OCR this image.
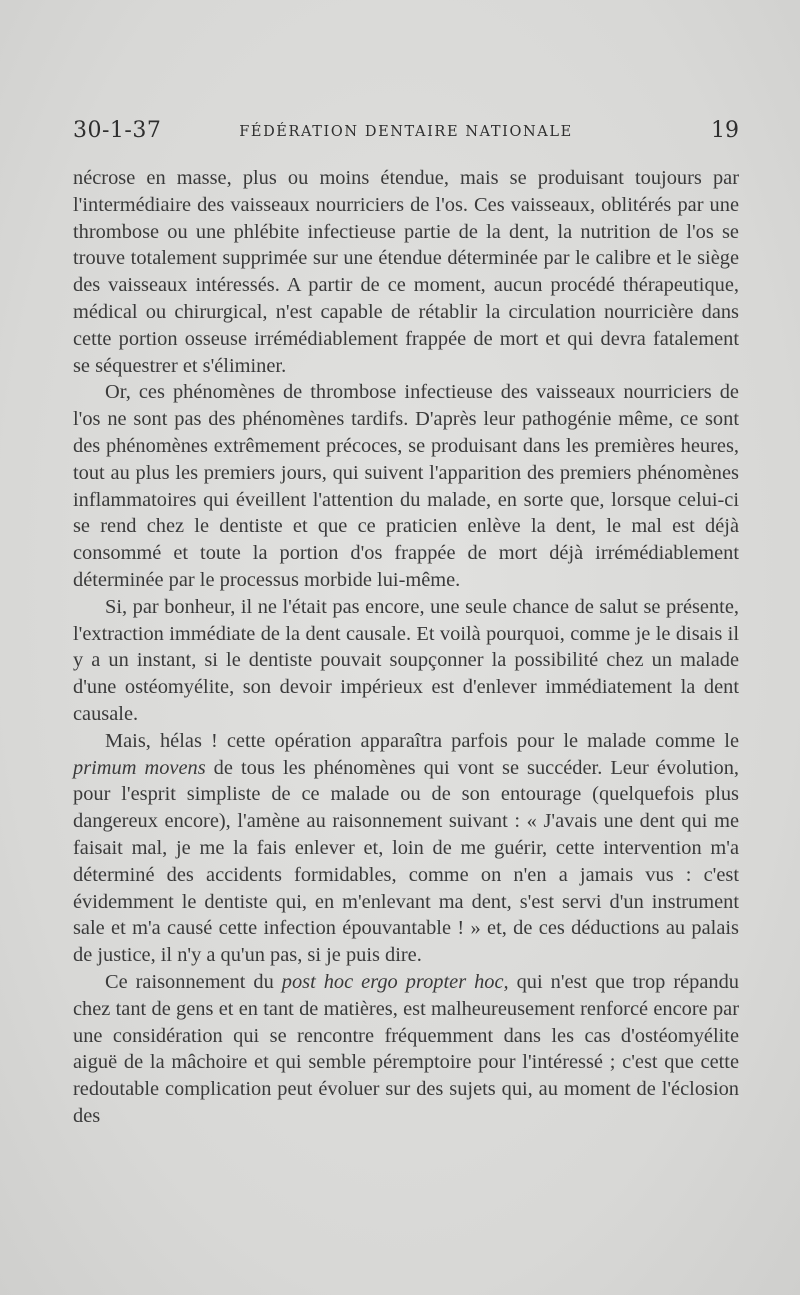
30-1-37	FÉDÉRATION DENTAIRE NATIONALE	19

nécrose en masse, plus ou moins étendue, mais se produisant toujours par l'intermédiaire des vaisseaux nourriciers de l'os. Ces vaisseaux, oblitérés par une thrombose ou une phlébite infectieuse partie de la dent, la nutrition de l'os se trouve totalement supprimée sur une étendue déterminée par le calibre et le siège des vaisseaux intéressés. A partir de ce moment, aucun procédé thérapeutique, médical ou chirurgical, n'est capable de rétablir la circulation nourricière dans cette portion osseuse irrémédiablement frappée de mort et qui devra fatalement se séquestrer et s'éliminer.

Or, ces phénomènes de thrombose infectieuse des vaisseaux nourriciers de l'os ne sont pas des phénomènes tardifs. D'après leur pathogénie même, ce sont des phénomènes extrêmement précoces, se produisant dans les premières heures, tout au plus les premiers jours, qui suivent l'apparition des premiers phénomènes inflammatoires qui éveillent l'attention du malade, en sorte que, lorsque celui-ci se rend chez le dentiste et que ce praticien enlève la dent, le mal est déjà consommé et toute la portion d'os frappée de mort déjà irrémédiablement déterminée par le processus morbide lui-même.

Si, par bonheur, il ne l'était pas encore, une seule chance de salut se présente, l'extraction immédiate de la dent causale. Et voilà pourquoi, comme je le disais il y a un instant, si le dentiste pouvait soupçonner la possibilité chez un malade d'une ostéomyélite, son devoir impérieux est d'enlever immédiatement la dent causale.

Mais, hélas ! cette opération apparaîtra parfois pour le malade comme le primum movens de tous les phénomènes qui vont se succéder. Leur évolution, pour l'esprit simpliste de ce malade ou de son entourage (quelquefois plus dangereux encore), l'amène au raisonnement suivant : « J'avais une dent qui me faisait mal, je me la fais enlever et, loin de me guérir, cette intervention m'a déterminé des accidents formidables, comme on n'en a jamais vus : c'est évidemment le dentiste qui, en m'enlevant ma dent, s'est servi d'un instrument sale et m'a causé cette infection épouvantable ! » et, de ces déductions au palais de justice, il n'y a qu'un pas, si je puis dire.

Ce raisonnement du post hoc ergo propter hoc, qui n'est que trop répandu chez tant de gens et en tant de matières, est malheureusement renforcé encore par une considération qui se rencontre fréquemment dans les cas d'ostéomyélite aiguë de la mâchoire et qui semble péremptoire pour l'intéressé ; c'est que cette redoutable complication peut évoluer sur des sujets qui, au moment de l'éclosion des
